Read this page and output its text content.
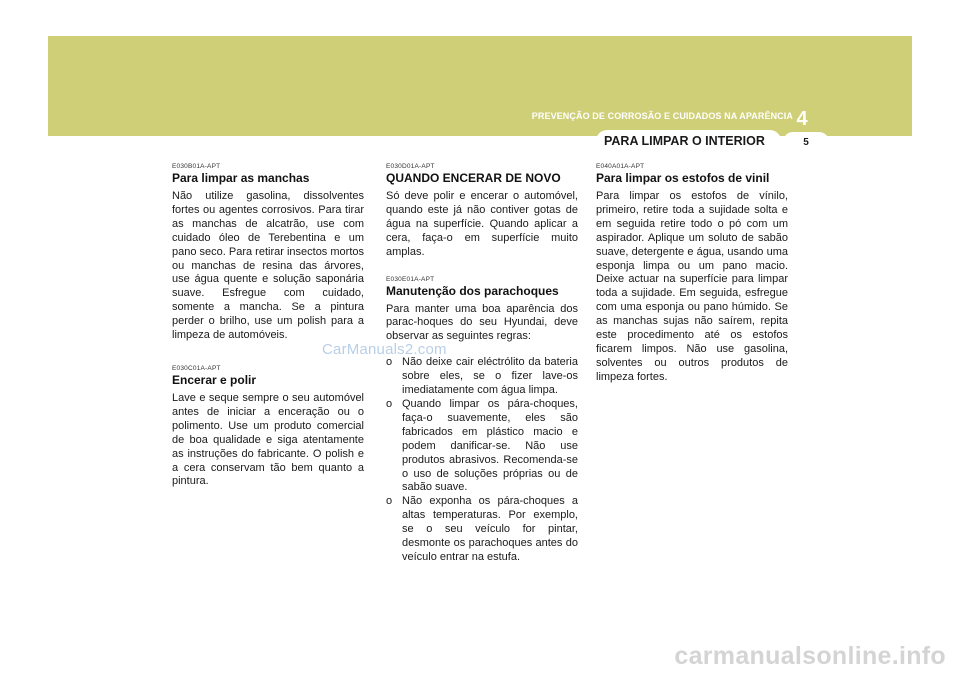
PREVENÇÃO DE CORROSÃO E CUIDADOS NA APARÊNCIA 4
PARA LIMPAR O INTERIOR	5

E030B01A-APT

Para limpar as manchas

Não utilize gasolina, dissolventes fortes ou agentes corrosivos. Para tirar as manchas de alcatrão, use com cuidado óleo de Terebentina e um pano seco. Para retirar insectos mortos ou manchas de resina das árvores, use água quente e solução saponária suave. Esfregue com cuidado, somente a mancha. Se a pintura perder o brilho, use um polish para a limpeza de automóveis.

E030C01A-APT

Encerar e polir

Lave e seque sempre o seu automóvel antes de iniciar a enceração ou o polimento. Use um produto comercial de boa qualidade e siga atentamente as instruções do fabricante. O polish e a cera conservam tão bem quanto a pintura.

E030D01A-APT

QUANDO ENCERAR DE NOVO

Só deve polir e encerar o automóvel, quando este já não contiver gotas de água na superfície. Quando aplicar a cera, faça-o em superfície muito amplas.

E030E01A-APT

Manutenção dos parachoques

Para manter uma boa aparência dos parac-hoques do seu Hyundai, deve observar as seguintes regras:

o Não deixe cair eléctrólito da bateria sobre eles, se o fizer lave-os imediatamente com água limpa.
o Quando limpar os pára-choques, faça-o suavemente, eles são fabricados em plástico macio e podem danificar-se. Não use produtos abrasivos. Recomenda-se o uso de soluções próprias ou de sabão suave.
o Não exponha os pára-choques a altas temperaturas. Por exemplo, se o seu veículo for pintar, desmonte os parachoques antes do veículo entrar na estufa.

E040A01A-APT

Para limpar os estofos de vinil

Para limpar os estofos de vínilo, primeiro, retire toda a sujidade solta e em seguida retire todo o pó com um aspirador. Aplique um soluto de sabão suave, detergente e água, usando uma esponja limpa ou um pano macio. Deixe actuar na superfície para limpar toda a sujidade. Em seguida, esfregue com uma esponja ou pano húmido. Se as manchas sujas não saírem, repita este procedimento até os estofos ficarem limpos. Não use gasolina, solventes ou outros produtos de limpeza fortes.

CarManuals2.com
carmanualsonline.info
